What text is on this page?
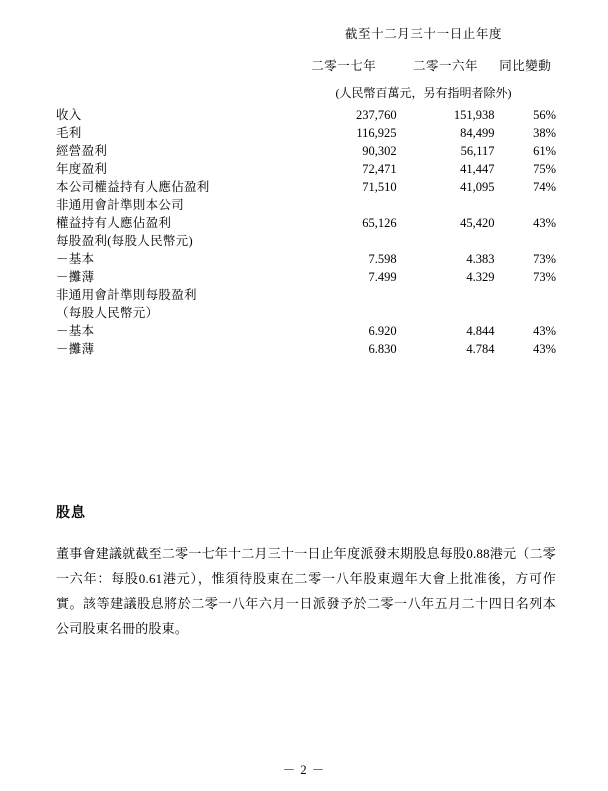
	截至十二月三十一日止年度		
	二零一七年	二零一六年	同比變動
	(人民幣百萬元，另有指明者除外)		
收入	237,760	151,938	56%
毛利	116,925	84,499	38%
經營盈利	90,302	56,117	61%
年度盈利	72,471	41,447	75%
本公司權益持有人應佔盈利	71,510	41,095	74%
非通用會計準則本公司			
權益持有人應佔盈利	65,126	45,420	43%
每股盈利(每股人民幣元)			
－基本	7.598	4.383	73%
－攤薄	7.499	4.329	73%
非通用會計準則每股盈利			
（每股人民幣元）			
－基本	6.920	4.844	43%
－攤薄	6.830	4.784	43%
股息
董事會建議就截至二零一七年十二月三十一日止年度派發末期股息每股0.88港元（二零一六年：每股0.61港元），惟須待股東在二零一八年股東週年大會上批准後，方可作實。該等建議股息將於二零一八年六月一日派發予於二零一八年五月二十四日名列本公司股東名冊的股東。
－ 2 －
